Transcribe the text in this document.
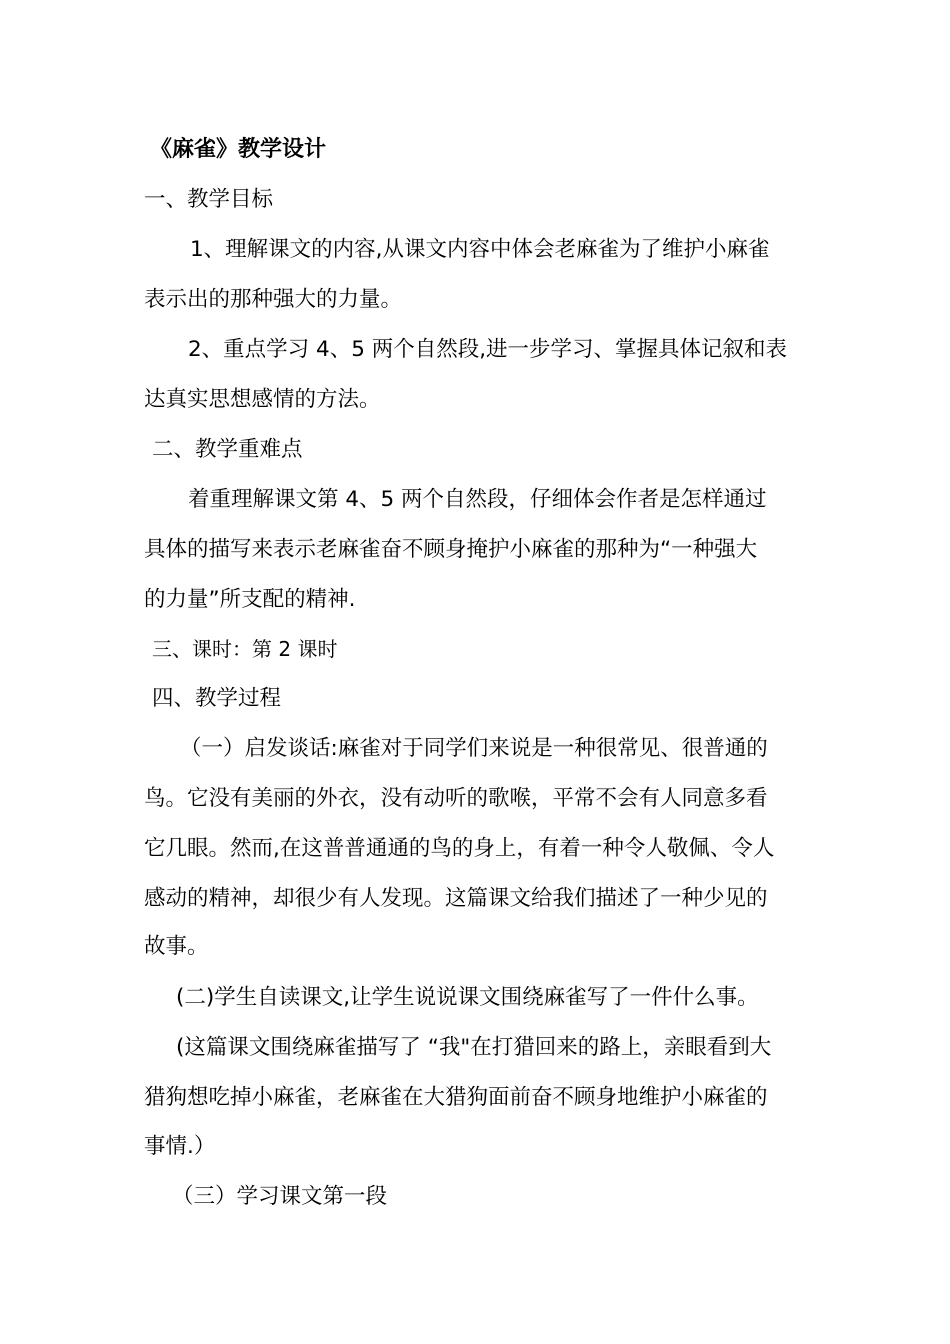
《麻雀》教学设计

一、教学目标

1、理解课文的内容,从课文内容中体会老麻雀为了维护小麻雀

表示出的那种强大的力量。

2、重点学习 4、5 两个自然段,进一步学习、掌握具体记叙和表

达真实思想感情的方法。

二、教学重难点

着重理解课文第 4、5 两个自然段，仔细体会作者是怎样通过

具体的描写来表示老麻雀奋不顾身掩护小麻雀的那种为“一种强大

的力量”所支配的精神.

三、课时：第 2 课时

四、教学过程

（一）启发谈话:麻雀对于同学们来说是一种很常见、很普通的

鸟。它没有美丽的外衣，没有动听的歌喉，平常不会有人同意多看

它几眼。然而,在这普普通通的鸟的身上，有着一种令人敬佩、令人

感动的精神，却很少有人发现。这篇课文给我们描述了一种少见的

故事。

(二)学生自读课文,让学生说说课文围绕麻雀写了一件什么事。

(这篇课文围绕麻雀描写了 “我"在打猎回来的路上，亲眼看到大

猎狗想吃掉小麻雀，老麻雀在大猎狗面前奋不顾身地维护小麻雀的

事情.）

（三）学习课文第一段
